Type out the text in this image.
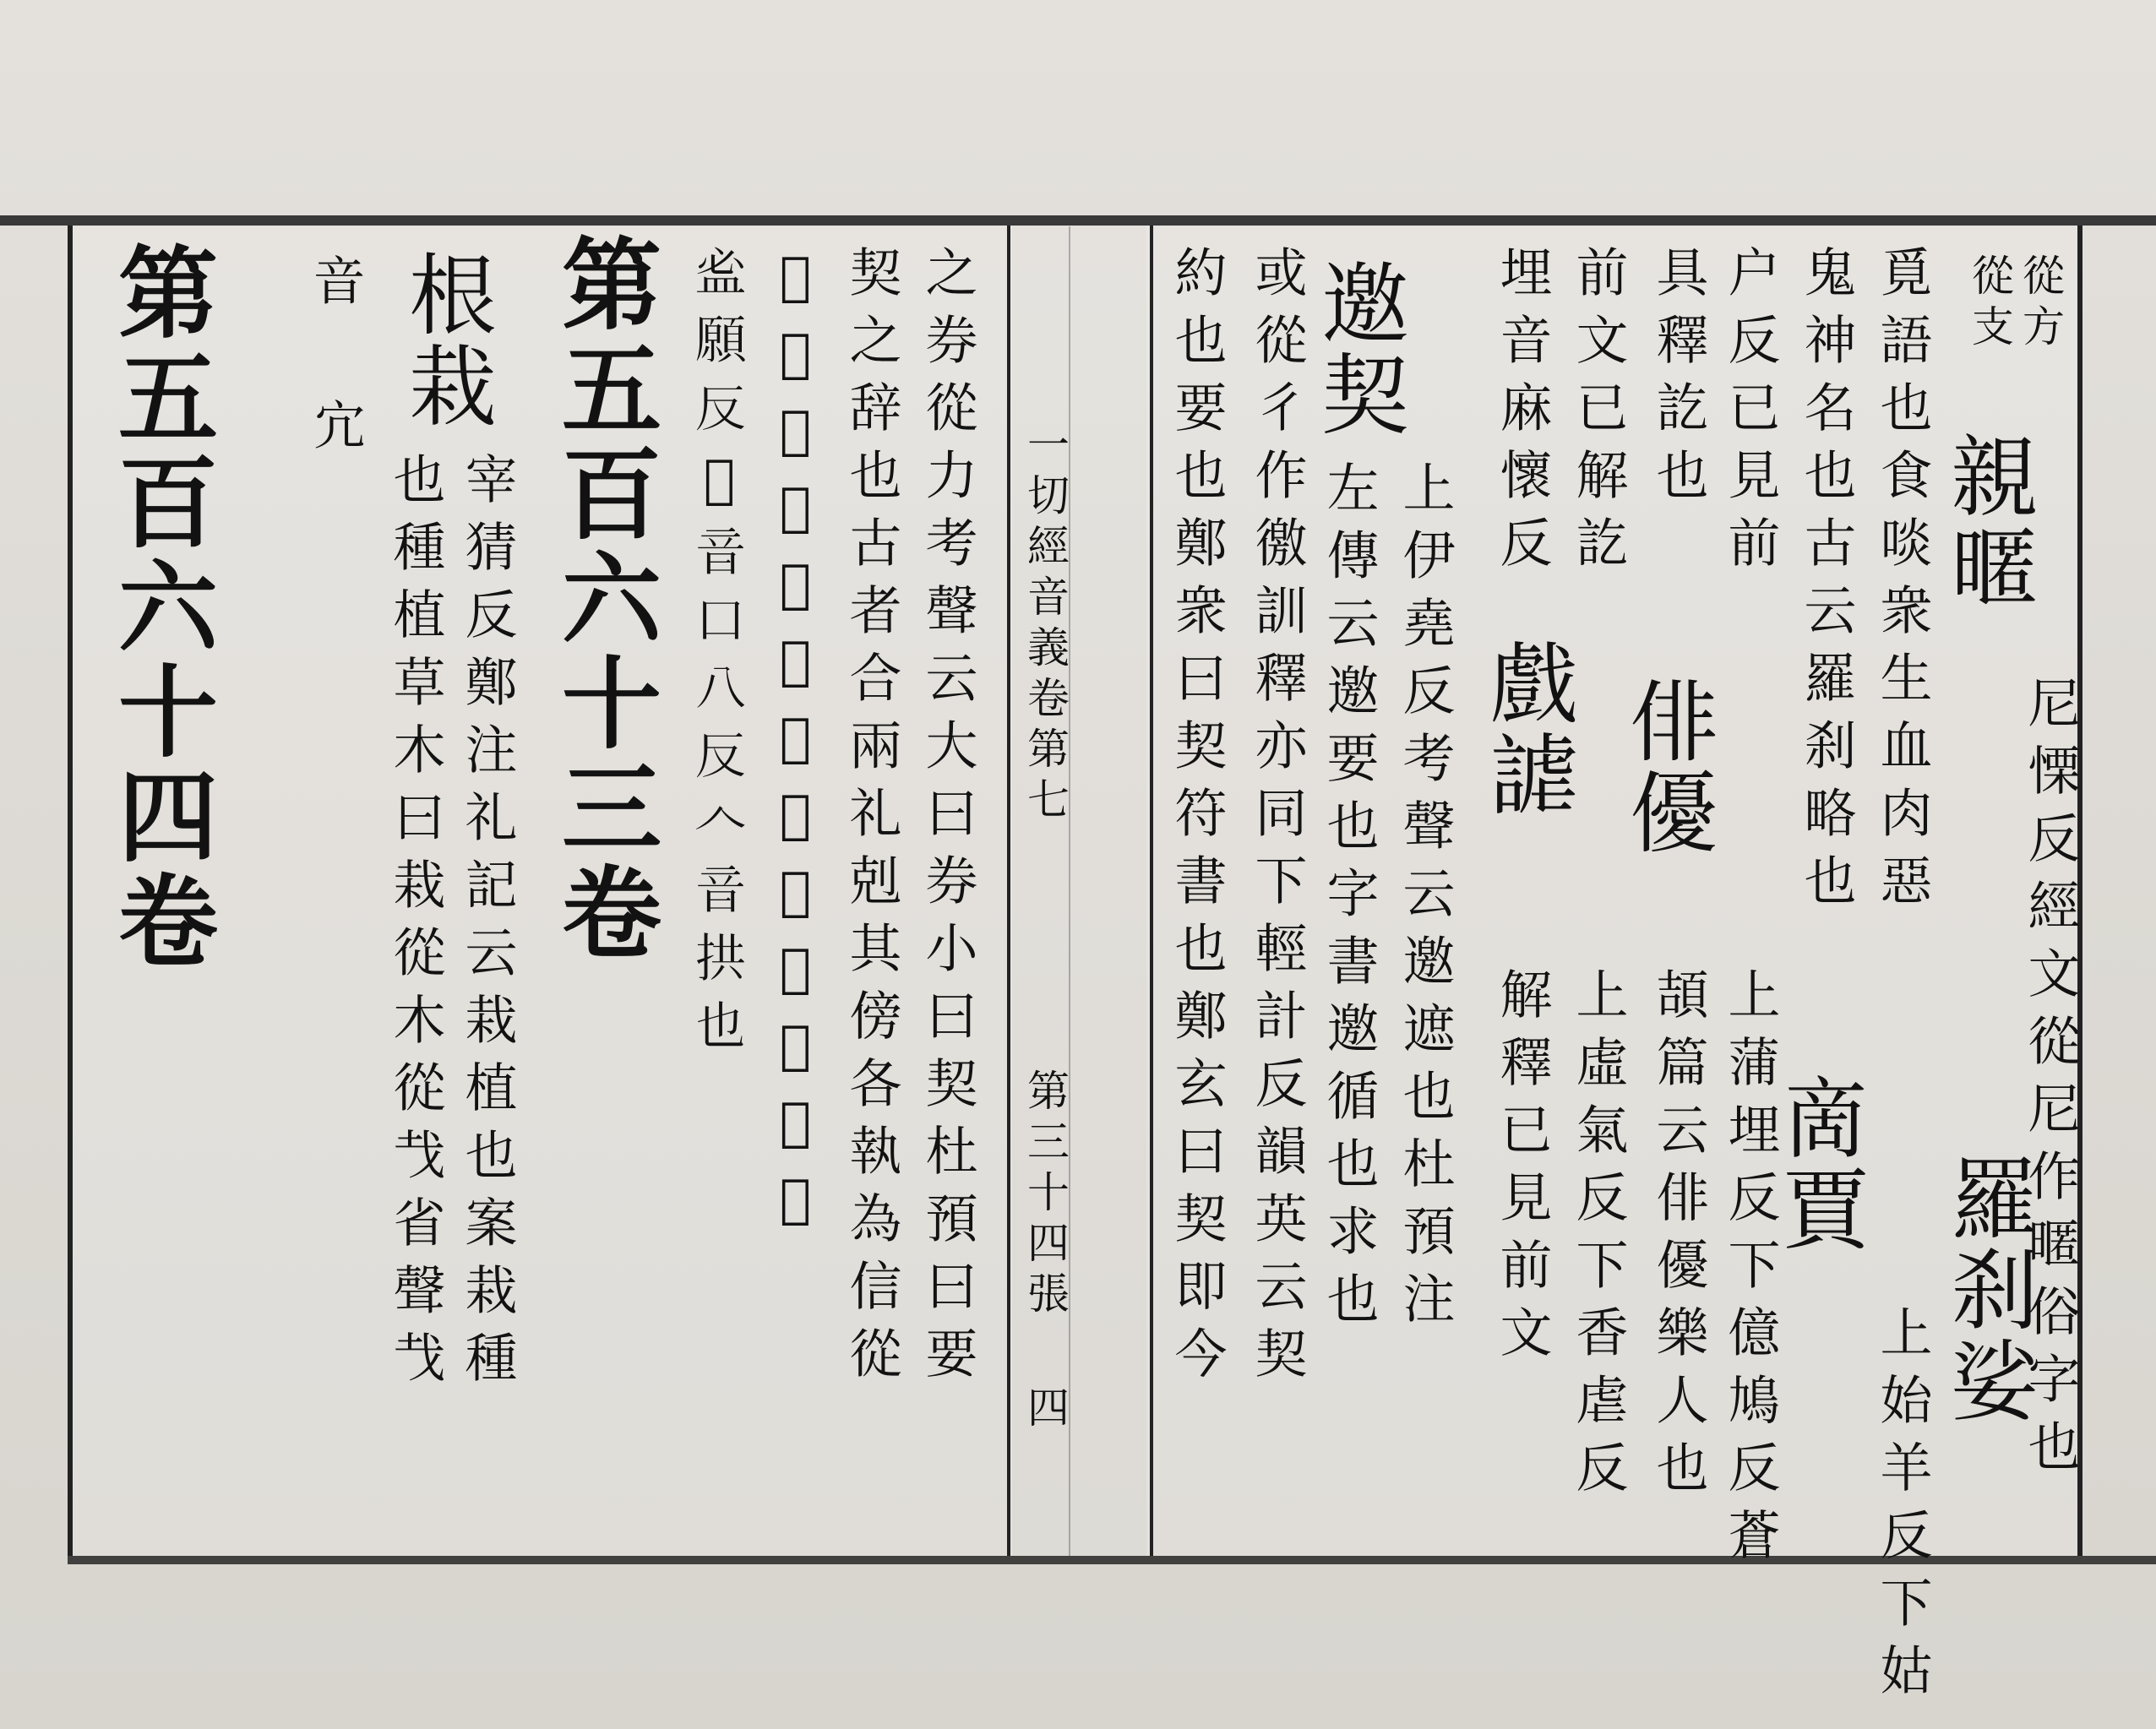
一切經音義卷第七
第三十四張
四
之券從力考聲云大曰券小曰契杜預曰要
契之辞也古者合兩礼剋其傍各執為信從
𠛅從𠆢此會意字轉注字也券音
𥁑願反𠛅音口八反𠆢音拱也
第五百六十三卷
根栽
宰猜反鄭注礼記云栽植也案栽種
也種植草木曰栽從木從𢦏省聲𢦏
音 宂
第五百六十四卷	從方
從支
親暱
尼慄反經文從尼作暱俗字也
羅刹娑
上始羊反下姑
覓語也食啖衆生血肉惡
鬼神名也古云羅刹略也
啇賈
户反已見前
俳優
上蒲埋反下億鳩反蒼
具釋訖也
頡篇云俳優樂人也
前文已解訖
戲謔
上虛氣反下香虐反
埋音麻懷反
解釋已見前文
邀契
上伊堯反考聲云邀遮也杜預注
或從彳作徼訓釋亦同下輕計反韻英云契 左傳云邀要也字書邀循也求也
約也要也鄭衆曰契符書也鄭玄曰契即今
